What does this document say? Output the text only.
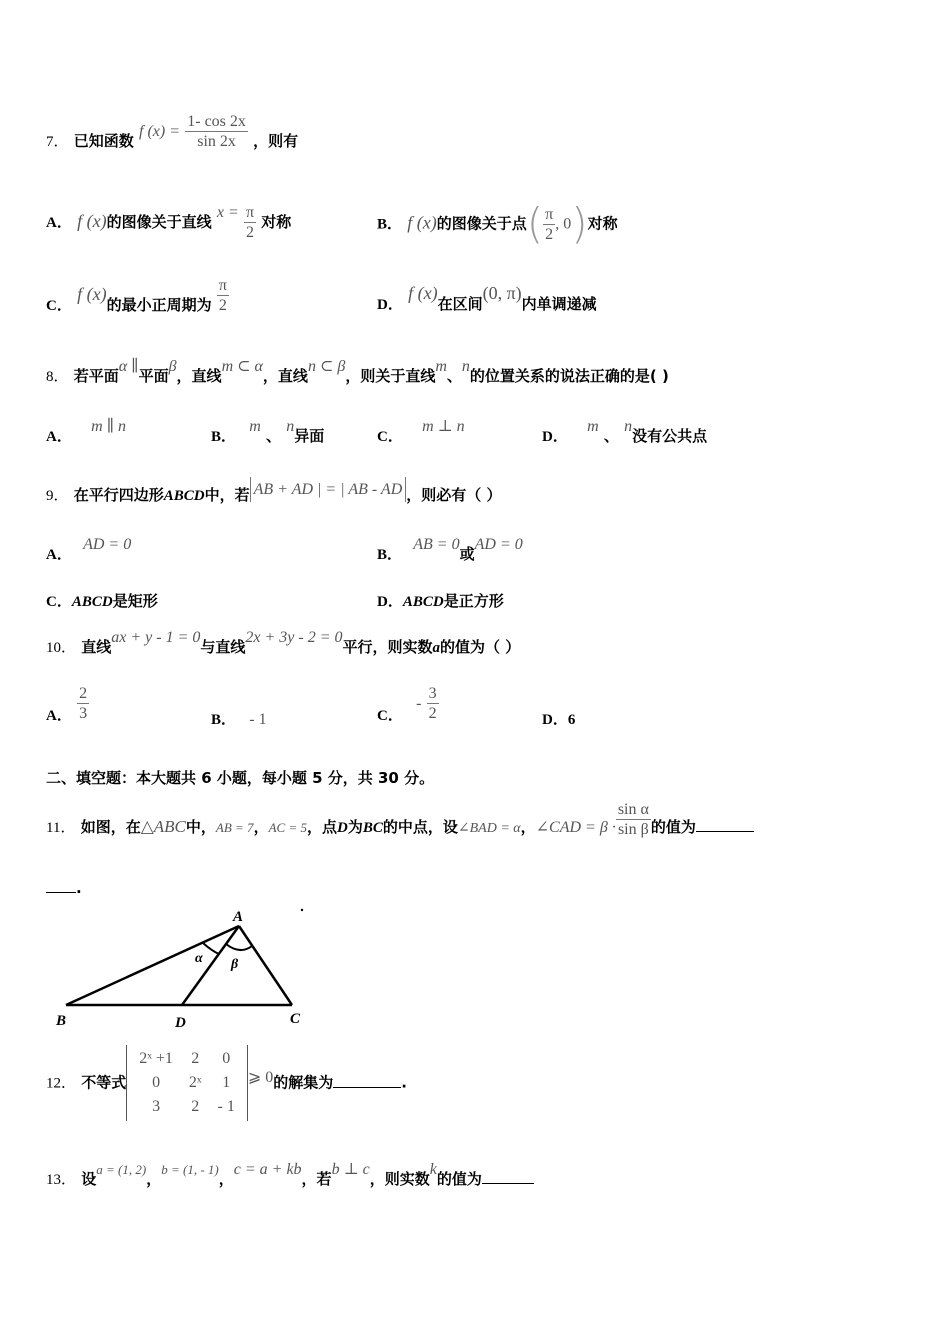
7． 已知函数 f $(x) = \frac{1- \cos 2x}{\sin 2x}$ ，则有
A． f (x)的图像关于直线 $x = \frac{\pi}{2}$ 对称	B． f (x)的图像关于点( $\frac{\pi}{2}$ , 0)对称
C． f (x)的最小正周期为 $\frac{\pi}{2}$	D． f (x)在区间(0, π)内单调递减
8． 若平面α ∥平面β，直线m ⊂ α，直线n ⊂ β，则关于直线m、n的位置关系的说法正确的是( )
A． m ∥ n
B． m 、 n异面	C． m ⊥ n
D． m 、 n没有公共点
9． 在平行四边形ABCD中，若 AB + AD | = | AB - AD ，则必有（ ）
A． AD = 0
B． AB = 0或AD = 0
C．ABCD是矩形	D．ABCD是正方形
10． 直线ax + y - 1 = 0与直线2x + 3y - 2 = 0平行，则实数a的值为（ ）
A． $\frac{2}{3}$	B． - 1	C． - $\frac{3}{2}$	D．6
二、填空题：本大题共 6 小题，每小题 5 分，共 30 分。
11． 如图，在△ABC中，AB = 7，AC = 5，点D为BC的中点，设∠BAD = α，∠CAD = $\beta \cdot \frac{\text{sin α}}{\text{sin β}}$ 的值为
.
A
B	D	C
α β
12． 不等式
2ˣ +1	2	0
0	2ˣ	1
3	2	- 1
⩾ 0的解集为	.
13． 设a = (1, 2)，b = (1, - 1)，c = a + kb，若b ⊥ c，则实数k的值为
